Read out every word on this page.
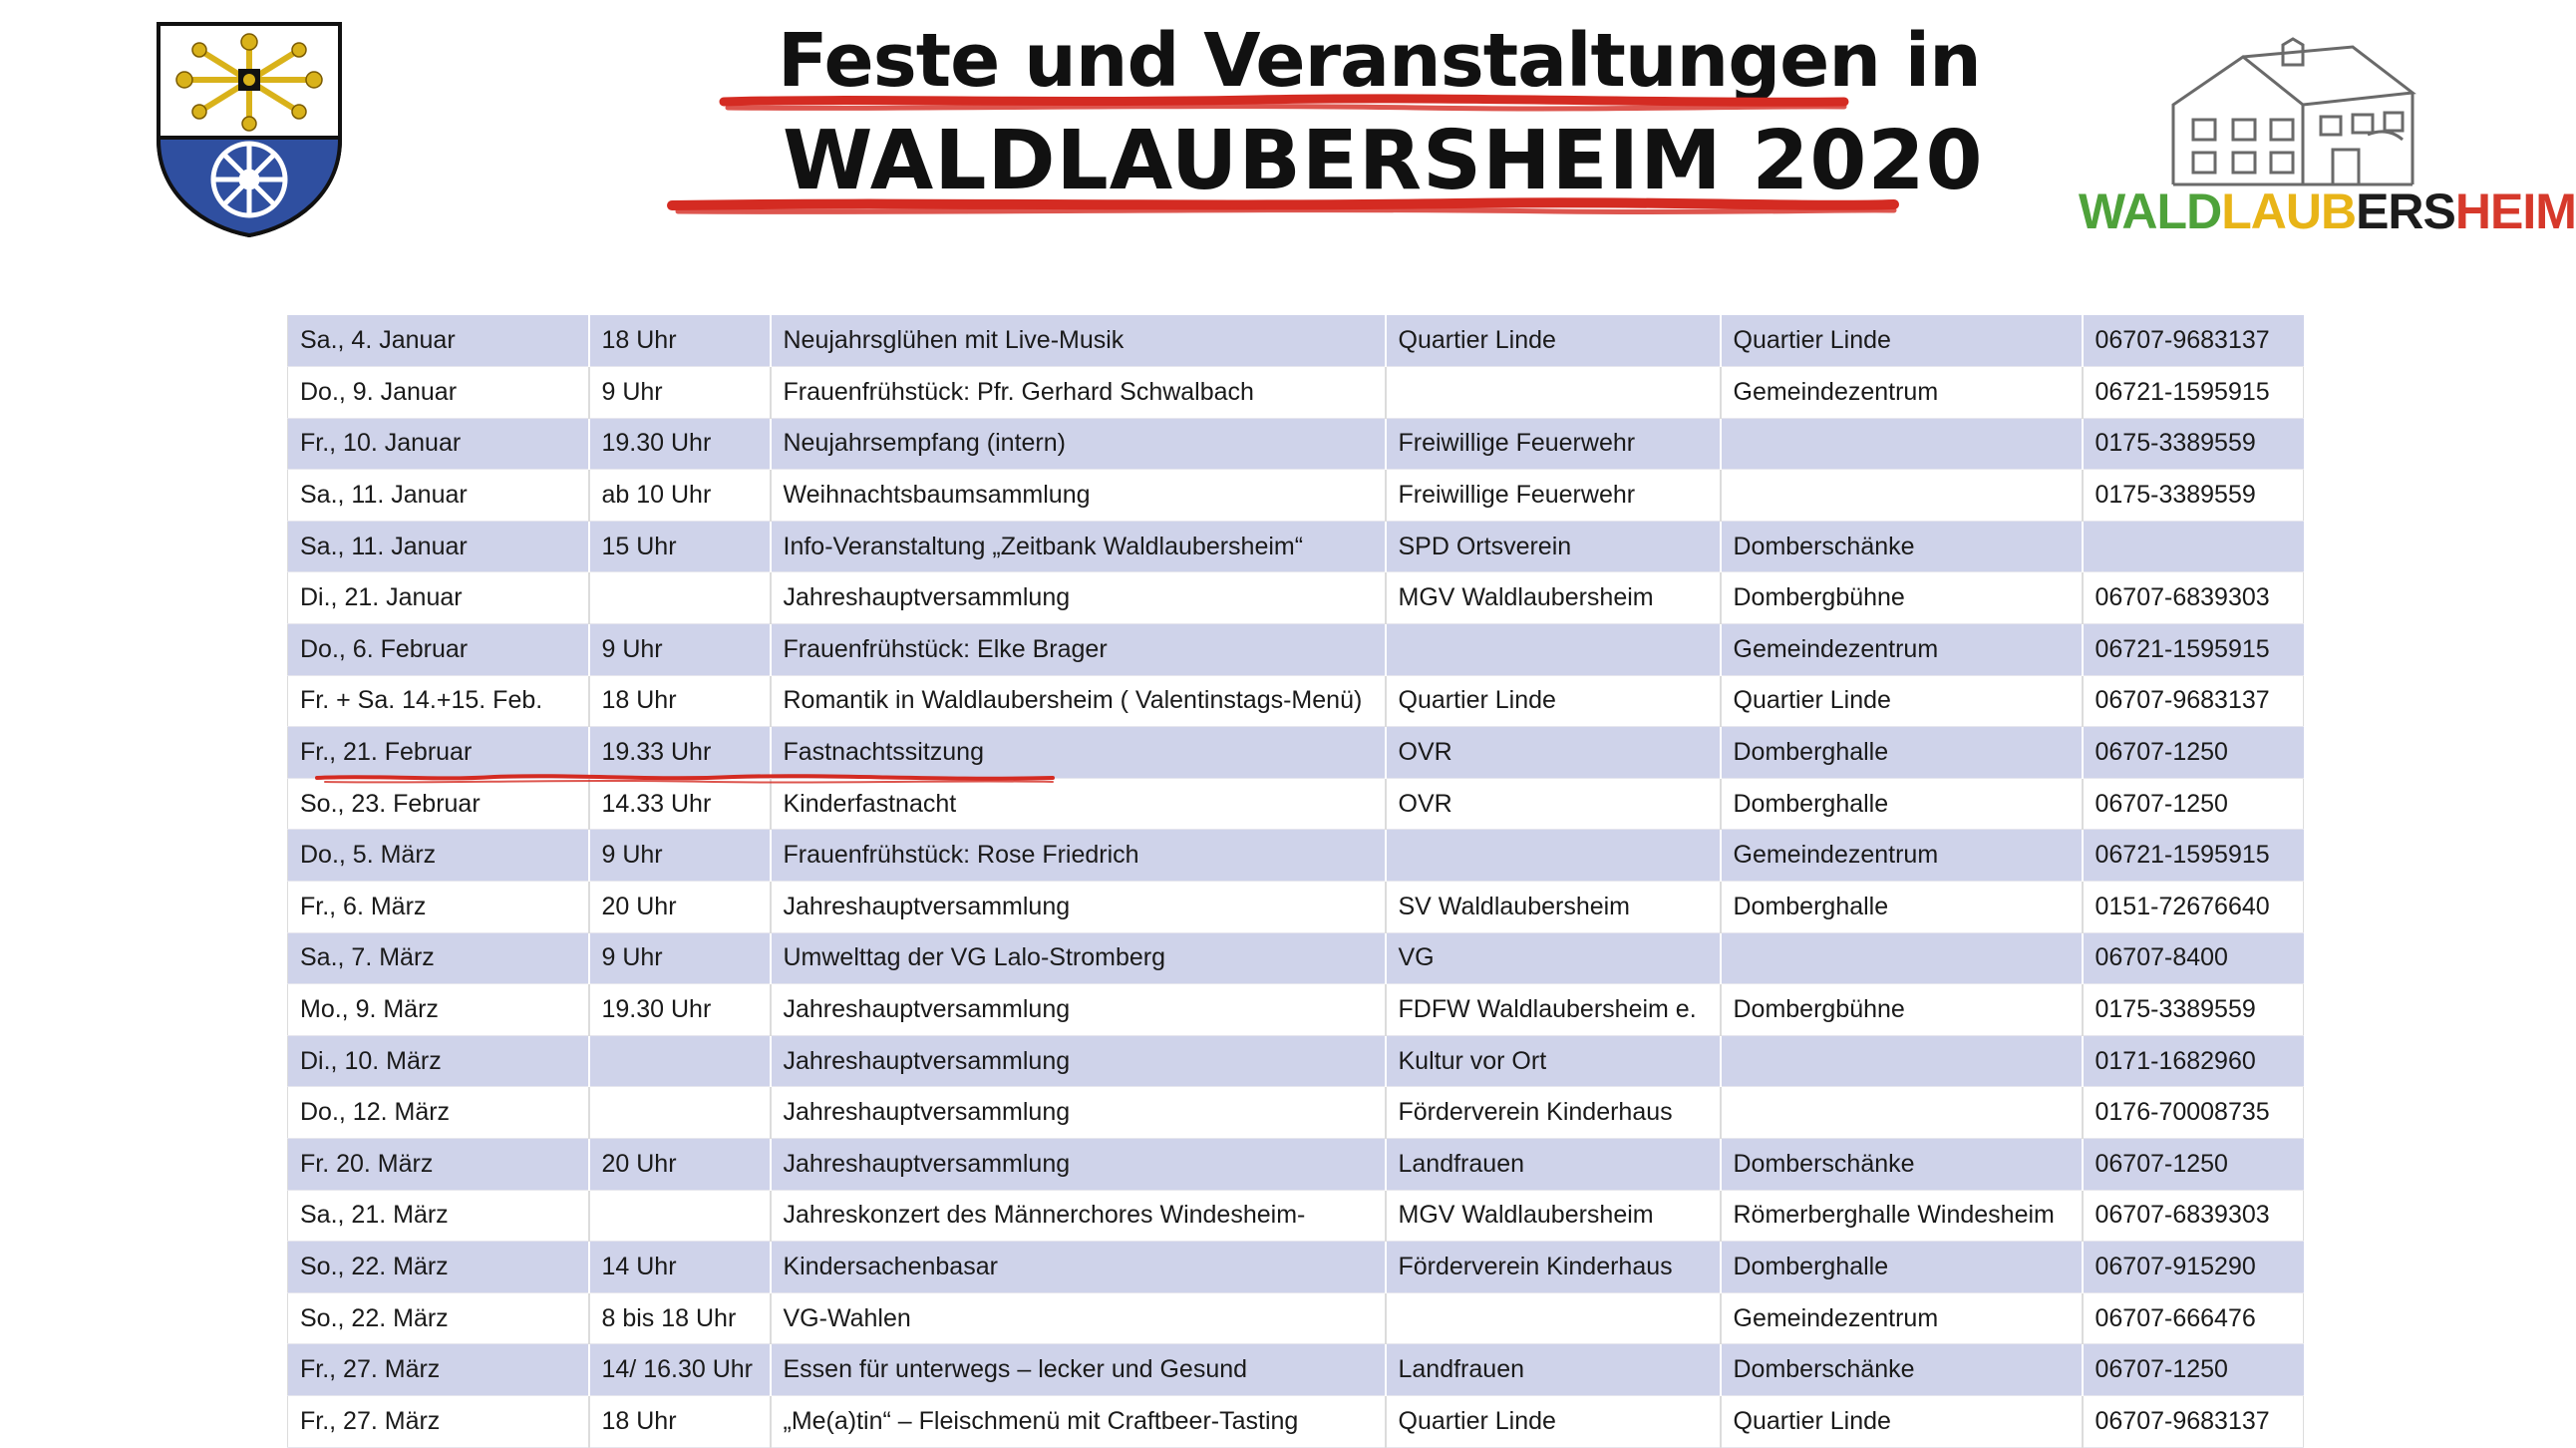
Feste und Veranstaltungen in
WALDLAUBERSHEIM 2020
WALDLAUBERSHEIM
Sa., 4. Januar	18 Uhr	Neujahrsglühen mit Live-Musik	Quartier Linde	Quartier Linde	06707-9683137
Do., 9. Januar	9 Uhr	Frauenfrühstück: Pfr. Gerhard Schwalbach		Gemeindezentrum	06721-1595915
Fr., 10. Januar	19.30 Uhr	Neujahrsempfang (intern)	Freiwillige Feuerwehr		0175-3389559
Sa., 11. Januar	ab 10 Uhr	Weihnachtsbaumsammlung	Freiwillige Feuerwehr		0175-3389559
Sa., 11. Januar	15 Uhr	Info-Veranstaltung „Zeitbank Waldlaubersheim“	SPD Ortsverein	Domberschänke	
Di., 21. Januar		Jahreshauptversammlung	MGV Waldlaubersheim	Dombergbühne	06707-6839303
Do., 6. Februar	9 Uhr	Frauenfrühstück: Elke Brager		Gemeindezentrum	06721-1595915
Fr. + Sa. 14.+15. Feb.	18 Uhr	Romantik in Waldlaubersheim ( Valentinstags-Menü)	Quartier Linde	Quartier Linde	06707-9683137
Fr., 21. Februar	19.33 Uhr	Fastnachtssitzung	OVR	Domberghalle	06707-1250
So., 23. Februar	14.33 Uhr	Kinderfastnacht	OVR	Domberghalle	06707-1250
Do., 5. März	9 Uhr	Frauenfrühstück: Rose Friedrich		Gemeindezentrum	06721-1595915
Fr., 6. März	20 Uhr	Jahreshauptversammlung	SV Waldlaubersheim	Domberghalle	0151-72676640
Sa., 7. März	9 Uhr	Umwelttag der VG Lalo-Stromberg	VG		06707-8400
Mo., 9. März	19.30 Uhr	Jahreshauptversammlung	FDFW Waldlaubersheim e.	Dombergbühne	0175-3389559
Di., 10. März		Jahreshauptversammlung	Kultur vor Ort		0171-1682960
Do., 12. März		Jahreshauptversammlung	Förderverein Kinderhaus		0176-70008735
Fr. 20. März	20 Uhr	Jahreshauptversammlung	Landfrauen	Domberschänke	06707-1250
Sa., 21. März		Jahreskonzert des Männerchores Windesheim-	MGV Waldlaubersheim	Römerberghalle Windesheim	06707-6839303
So., 22. März	14 Uhr	Kindersachenbasar	Förderverein Kinderhaus	Domberghalle	06707-915290
So., 22. März	8 bis 18 Uhr	VG-Wahlen		Gemeindezentrum	06707-666476
Fr., 27. März	14/ 16.30 Uhr	Essen für unterwegs – lecker und Gesund	Landfrauen	Domberschänke	06707-1250
Fr., 27. März	18 Uhr	„Me(a)tin“ – Fleischmenü mit Craftbeer-Tasting	Quartier Linde	Quartier Linde	06707-9683137
